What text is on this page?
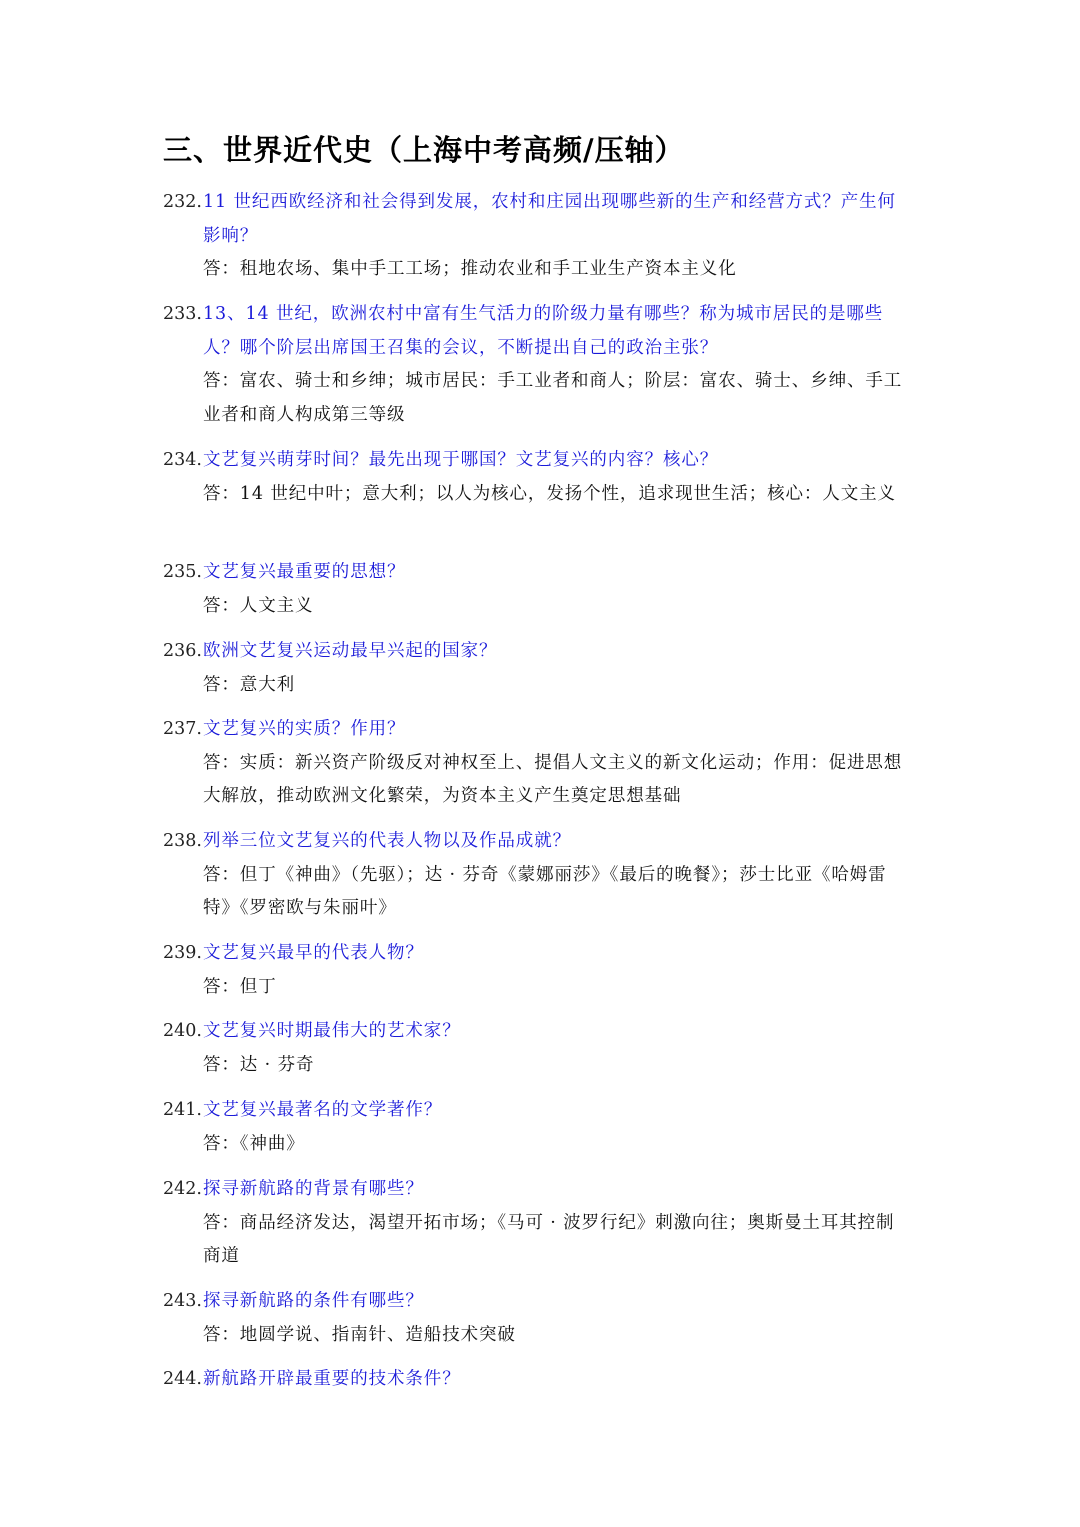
三、世界近代史（上海中考高频/压轴）
232. 11 世纪西欧经济和社会得到发展，农村和庄园出现哪些新的生产和经营方式？产生何影响？
答：租地农场、集中手工工场；推动农业和手工业生产资本主义化
233. 13、14 世纪，欧洲农村中富有生气活力的阶级力量有哪些？称为城市居民的是哪些人？哪个阶层出席国王召集的会议，不断提出自己的政治主张？
答：富农、骑士和乡绅；城市居民：手工业者和商人；阶层：富农、骑士、乡绅、手工业者和商人构成第三等级
234. 文艺复兴萌芽时间？最先出现于哪国？文艺复兴的内容？核心？
答：14 世纪中叶；意大利；以人为核心，发扬个性，追求现世生活；核心：人文主义
235. 文艺复兴最重要的思想？
答：人文主义
236. 欧洲文艺复兴运动最早兴起的国家？
答：意大利
237. 文艺复兴的实质？作用？
答：实质：新兴资产阶级反对神权至上、提倡人文主义的新文化运动；作用：促进思想大解放，推动欧洲文化繁荣，为资本主义产生奠定思想基础
238. 列举三位文艺复兴的代表人物以及作品成就？
答：但丁《神曲》（先驱）；达 · 芬奇《蒙娜丽莎》《最后的晚餐》；莎士比亚《哈姆雷特》《罗密欧与朱丽叶》
239. 文艺复兴最早的代表人物？
答：但丁
240. 文艺复兴时期最伟大的艺术家？
答：达 · 芬奇
241. 文艺复兴最著名的文学著作？
答：《神曲》
242. 探寻新航路的背景有哪些？
答：商品经济发达，渴望开拓市场；《马可 · 波罗行纪》刺激向往；奥斯曼土耳其控制商道
243. 探寻新航路的条件有哪些？
答：地圆学说、指南针、造船技术突破
244. 新航路开辟最重要的技术条件？
